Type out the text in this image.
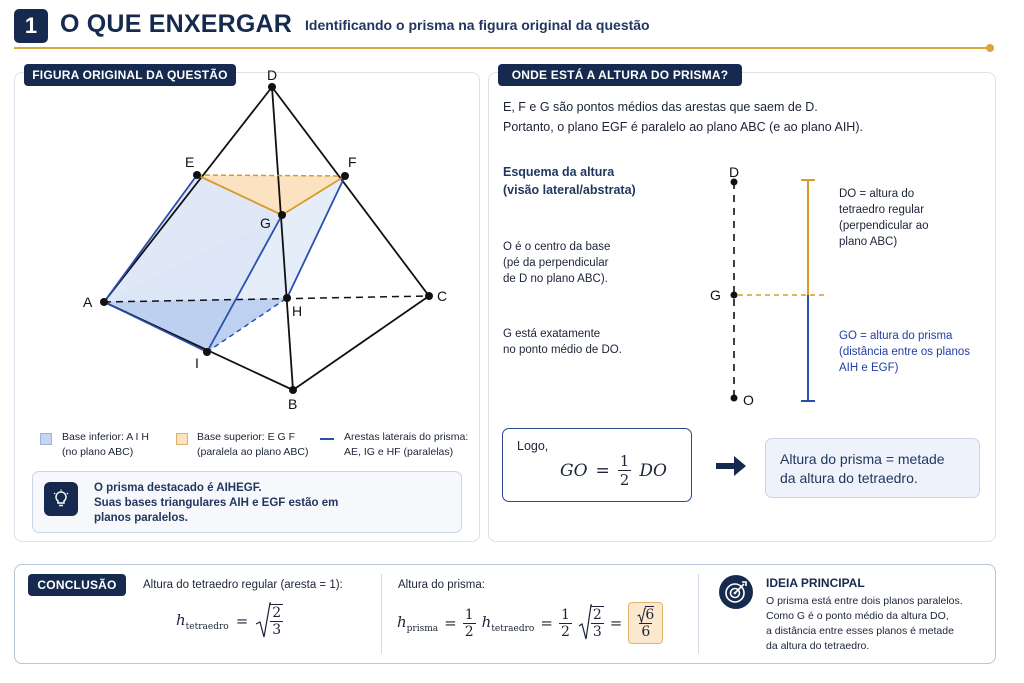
1 O QUE ENXERGAR Identificando o prisma na figura original da questão
FIGURA ORIGINAL DA QUESTÃO	D
E	F
G
A	C
H
I
B
Base inferior: A I H
(no plano ABC)
Base superior: E G F
(paralela ao plano ABC)
Arestas laterais do prisma:
AE, IG e HF (paralelas)
O prisma destacado é AIHEGF.
Suas bases triangulares AIH e EGF estão em
planos paralelos.
ONDE ESTÁ A ALTURA DO PRISMA?
E, F e G são pontos médios das arestas que saem de D.
Portanto, o plano EGF é paralelo ao plano ABC (e ao plano AIH).
Esquema da altura
(visão lateral/abstrata)
O é o centro da base
(pé da perpendicular
de D no plano ABC).
G está exatamente
no ponto médio de DO.
D
G
O
DO = altura do
tetraedro regular
(perpendicular ao
plano ABC)
GO = altura do prisma
(distância entre os planos
AIH e EGF)
Logo,
GO = $\frac{1}{2}$ DO
Altura do prisma = metade
da altura do tetraedro.
CONCLUSÃO	Altura do tetraedro regular (aresta = 1):
$h_{tetraedro} = \frac{2}{3}$
Altura do prisma:
$h_{prisma} = \frac{1}{2} h_{tetraedro} = \frac{1}{2} \frac{2}{3} = \frac{6}{6}$
IDEIA PRINCIPAL
O prisma está entre dois planos paralelos.
Como G é o ponto médio da altura DO,
a distância entre esses planos é metade
da altura do tetraedro.
